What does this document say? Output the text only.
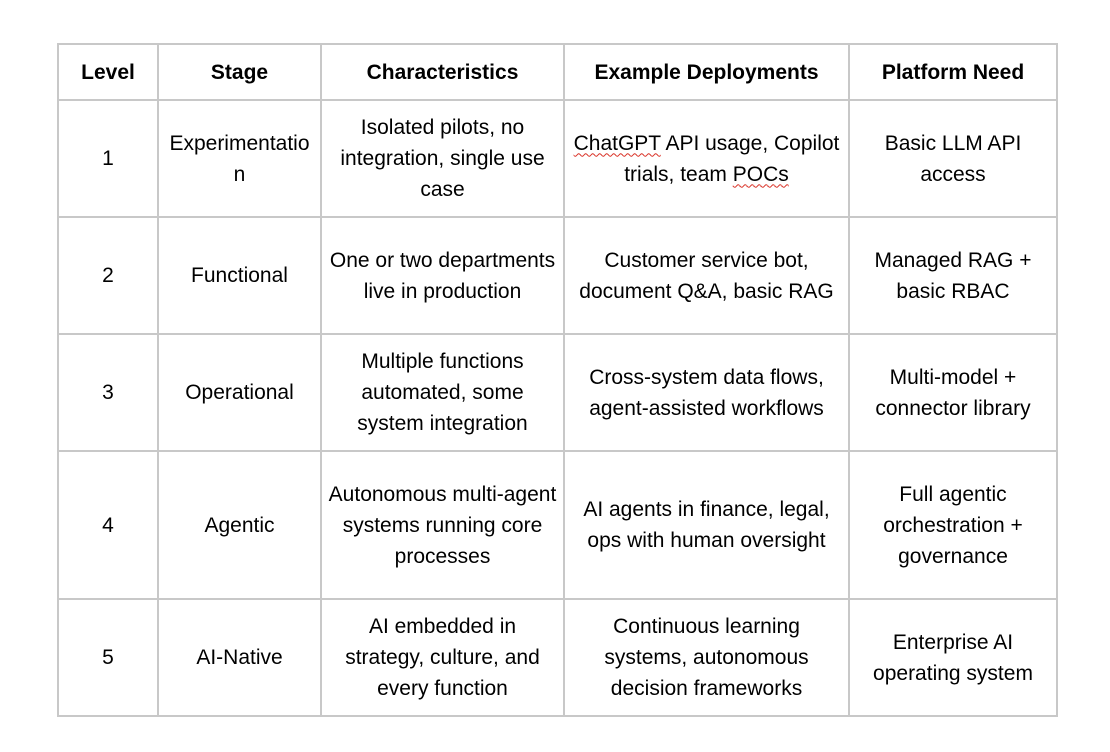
Level	Stage	Characteristics	Example Deployments	Platform Need
1	Experimentation	Isolated pilots, no integration, single use case	ChatGPT API usage, Copilot trials, team POCs	Basic LLM API access
2	Functional	One or two departments live in production	Customer service bot, document Q&A, basic RAG	Managed RAG + basic RBAC
3	Operational	Multiple functions automated, some system integration	Cross-system data flows, agent-assisted workflows	Multi-model + connector library
4	Agentic	Autonomous multi-agent systems running core processes	AI agents in finance, legal, ops with human oversight	Full agentic orchestration + governance
5	AI-Native	AI embedded in strategy, culture, and every function	Continuous learning systems, autonomous decision frameworks	Enterprise AI operating system
